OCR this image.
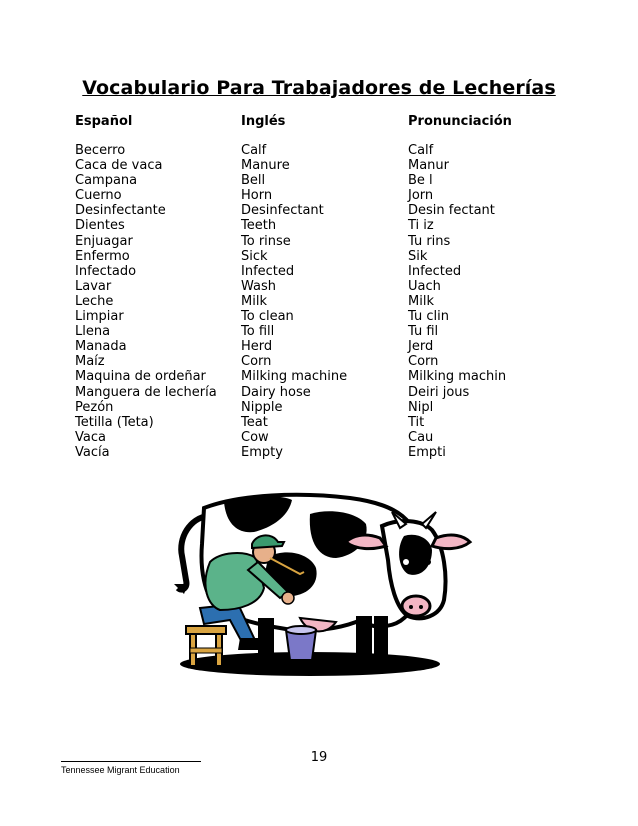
Vocabulario Para Trabajadores de Lecherías
Español	Inglés	Pronunciación

Becerro	Calf	Calf
Caca de vaca	Manure	Manur
Campana	Bell	Be l
Cuerno	Horn	Jorn
Desinfectante	Desinfectant	Desin fectant
Dientes	Teeth	Ti iz
Enjuagar	To rinse	Tu rins
Enfermo	Sick	Sik
Infectado	Infected	Infected
Lavar	Wash	Uach
Leche	Milk	Milk
Limpiar	To clean	Tu clin
Llena	To fill	Tu fil
Manada	Herd	Jerd
Maíz	Corn	Corn
Maquina de ordeñar	Milking machine	Milking machin
Manguera de lechería	Dairy hose	Deiri jous
Pezón	Nipple	Nipl
Tetilla (Teta)	Teat	Tit
Vaca	Cow	Cau
Vacía	Empty	Empti
19
Tennessee Migrant Education
